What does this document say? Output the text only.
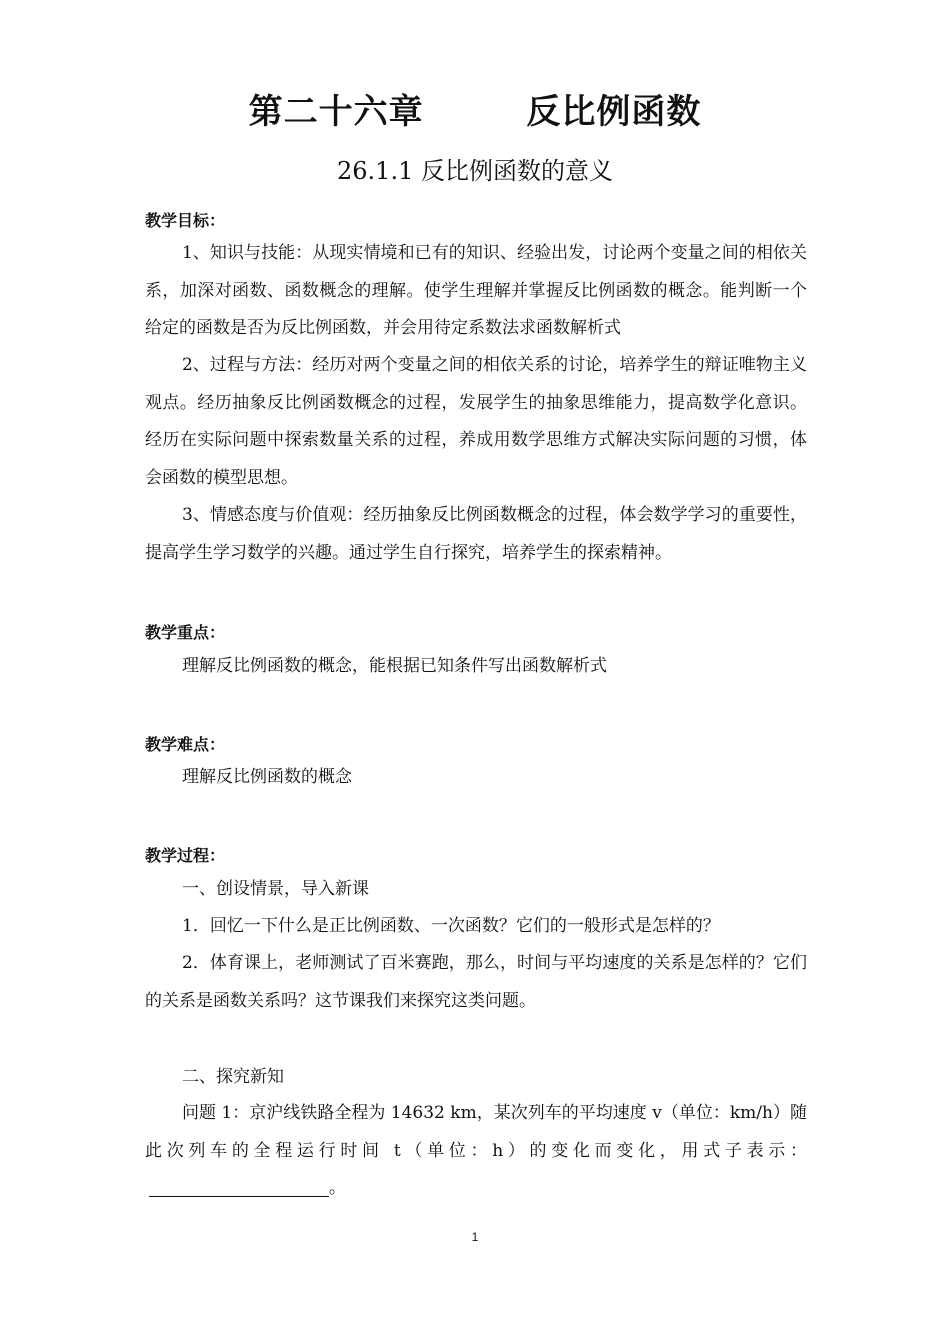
第二十六章        反比例函数
26.1.1 反比例函数的意义
教学目标：

1、知识与技能：从现实情境和已有的知识、经验出发，讨论两个变量之间的相依关系，加深对函数、函数概念的理解。使学生理解并掌握反比例函数的概念。能判断一个给定的函数是否为反比例函数，并会用待定系数法求函数解析式

2、过程与方法：经历对两个变量之间的相依关系的讨论，培养学生的辩证唯物主义观点。经历抽象反比例函数概念的过程，发展学生的抽象思维能力，提高数学化意识。 经历在实际问题中探索数量关系的过程，养成用数学思维方式解决实际问题的习惯，体会函数的模型思想。

3、情感态度与价值观：经历抽象反比例函数概念的过程，体会数学学习的重要性，提高学生学习数学的兴趣。通过学生自行探究，培养学生的探索精神。

教学重点：
理解反比例函数的概念，能根据已知条件写出函数解析式
教学难点：
理解反比例函数的概念
教学过程：
一、创设情景，导入新课
1．回忆一下什么是正比例函数、一次函数？它们的一般形式是怎样的？

2．体育课上，老师测试了百米赛跑，那么，时间与平均速度的关系是怎样的？它们的关系是函数关系吗？这节课我们来探究这类问题。

二、探究新知

问题 1：京沪线铁路全程为 14632 km，某次列车的平均速度 v（单位：km/h）随此次列车的全程运行时间 t（单位：h）的变化而变化，用式子表示：。

1
